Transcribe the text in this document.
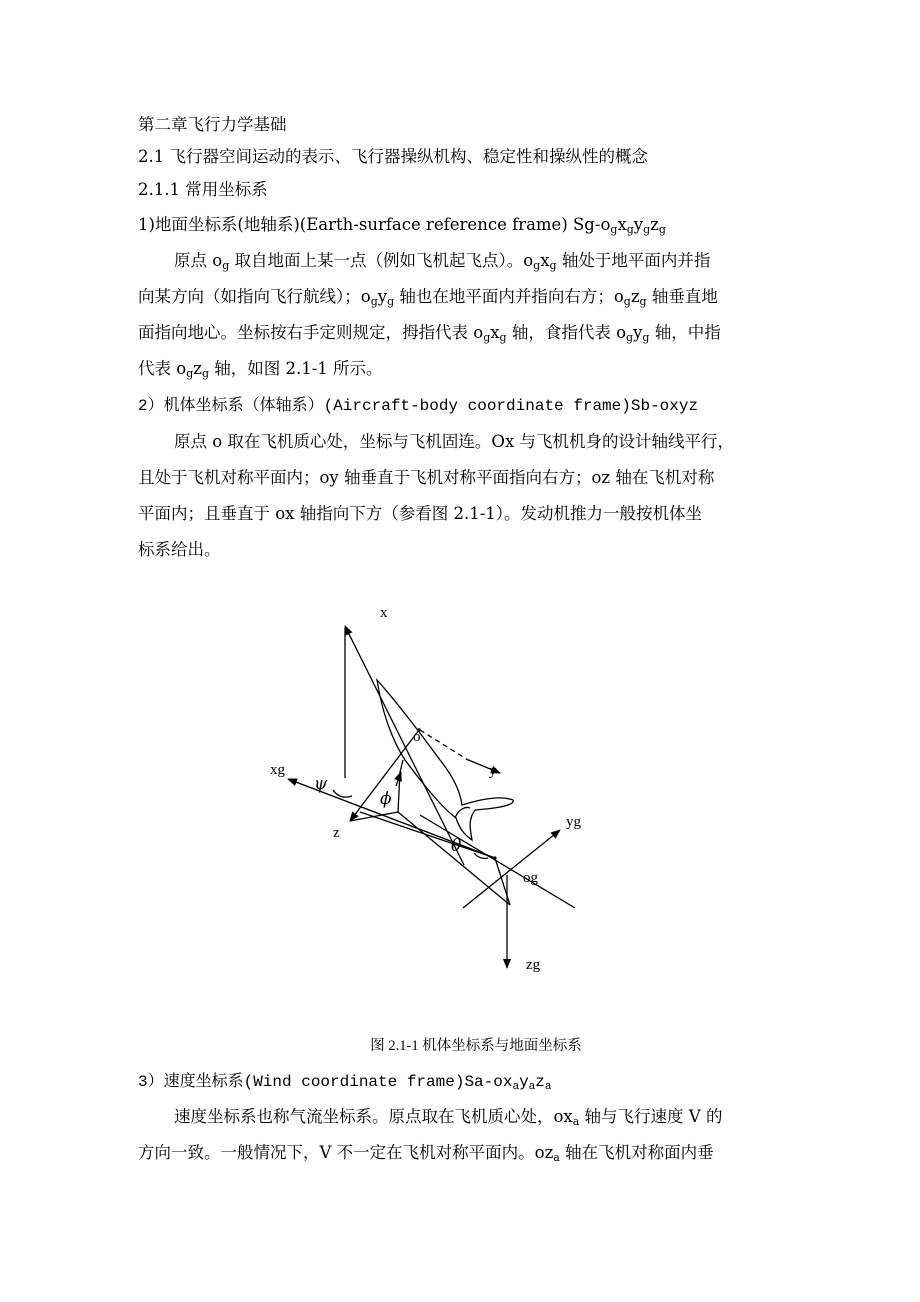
第二章飞行力学基础
2.1 飞行器空间运动的表示、飞行器操纵机构、稳定性和操纵性的概念
2.1.1 常用坐标系
1)地面坐标系(地轴系)(Earth-surface reference frame) $Sg-o_gx_gy_gz_g$
原点 $o_g$ 取自地面上某一点（例如飞机起飞点）。$o_gx_g$ 轴处于地平面内并指
向某方向（如指向飞行航线）；$o_gy_g$ 轴也在地平面内并指向右方；$o_gz_g$ 轴垂直地
面指向地心。坐标按右手定则规定，拇指代表 $o_gx_g$ 轴，食指代表 $o_gy_g$ 轴，中指
代表 $o_gz_g$ 轴，如图 2.1-1 所示。
2）机体坐标系（体轴系）(Aircraft-body coordinate frame)Sb-oxyz
原点 o 取在飞机质心处，坐标与飞机固连。Ox 与飞机机身的设计轴线平行，
且处于飞机对称平面内；oy 轴垂直于飞机对称平面指向右方；oz 轴在飞机对称
平面内；且垂直于 ox 轴指向下方（参看图 2.1-1）。发动机推力一般按机体坐
标系给出。
x
o
y
xg
ψ
ϕ
z
yg
θ
og
zg
图 2.1-1 机体坐标系与地面坐标系
3）速度坐标系(Wind coordinate $frame)Sa-ox_ay_az_a$
速度坐标系也称气流坐标系。原点取在飞机质心处，$ox_a$ 轴与飞行速度 V 的
方向一致。一般情况下，V 不一定在飞机对称平面内。$oz_a$ 轴在飞机对称面内垂
